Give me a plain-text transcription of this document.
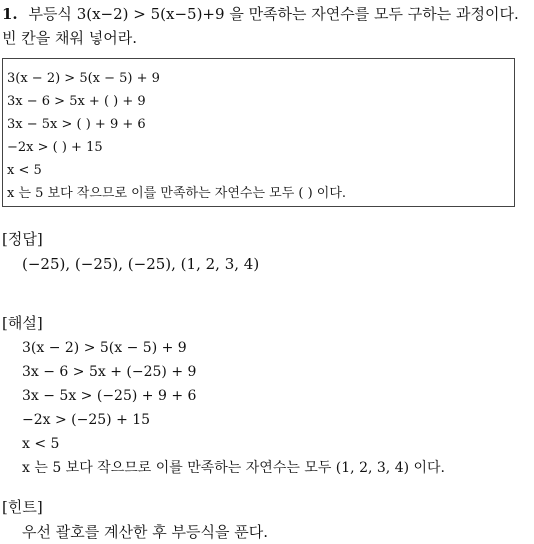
1. 부등식 3(x−2) > 5(x−5)+9 을 만족하는 자연수를 모두 구하는 과정이다.
빈 칸을 채워 넣어라.
3(x − 2) > 5(x − 5) + 9
3x − 6 > 5x + ( ) + 9
3x − 5x > ( ) + 9 + 6
−2x > ( ) + 15
x < 5
x 는 5 보다 작으므로 이를 만족하는 자연수는 모두 ( ) 이다.
[정답]
(−25), (−25), (−25), (1, 2, 3, 4)
[해설]
3(x − 2) > 5(x − 5) + 9
3x − 6 > 5x + (−25) + 9
3x − 5x > (−25) + 9 + 6
−2x > (−25) + 15
x < 5
x 는 5 보다 작으므로 이를 만족하는 자연수는 모두 (1, 2, 3, 4) 이다.
[힌트]
우선 괄호를 계산한 후 부등식을 푼다.
